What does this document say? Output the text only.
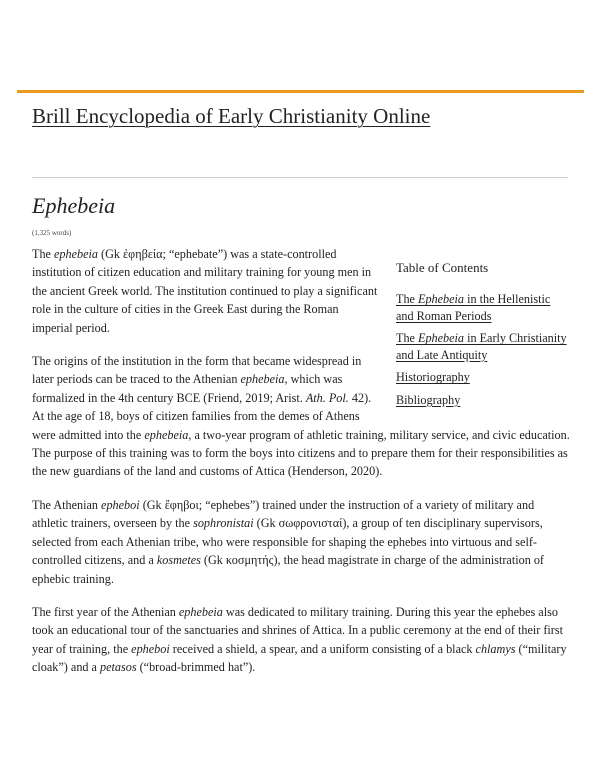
Brill Encyclopedia of Early Christianity Online
Ephebeia
(1,325 words)
Table of Contents
The Ephebeia in the Hellenistic and Roman Periods
The Ephebeia in Early Christianity and Late Antiquity
Historiography
Bibliography

The ephebeia (Gk ἐφηβεία; “ephebate”) was a state-controlled institution of citizen education and military training for young men in the ancient Greek world. The institution continued to play a significant role in the culture of cities in the Greek East during the Roman imperial period.

The origins of the institution in the form that became widespread in later periods can be traced to the Athenian ephebeia, which was formalized in the 4th century BCE (Friend, 2019; Arist. Ath. Pol. 42). At the age of 18, boys of citizen families from the demes of Athens were admitted into the ephebeia, a two-year program of athletic training, military service, and civic education. The purpose of this training was to form the boys into citizens and to prepare them for their responsibilities as the new guardians of the land and customs of Attica (Henderson, 2020).

The Athenian epheboi (Gk ἔφηβοι; “ephebes”) trained under the instruction of a variety of military and athletic trainers, overseen by the sophronistai (Gk σωφρονισταί), a group of ten disciplinary supervisors, selected from each Athenian tribe, who were responsible for shaping the ephebes into virtuous and self-controlled citizens, and a kosmetes (Gk κοσμητής), the head magistrate in charge of the administration of ephebic training.

The first year of the Athenian ephebeia was dedicated to military training. During this year the ephebes also took an educational tour of the sanctuaries and shrines of Attica. In a public ceremony at the end of their first year of training, the epheboi received a shield, a spear, and a uniform consisting of a black chlamys (“military cloak”) and a petasos (“broad-brimmed hat”).
